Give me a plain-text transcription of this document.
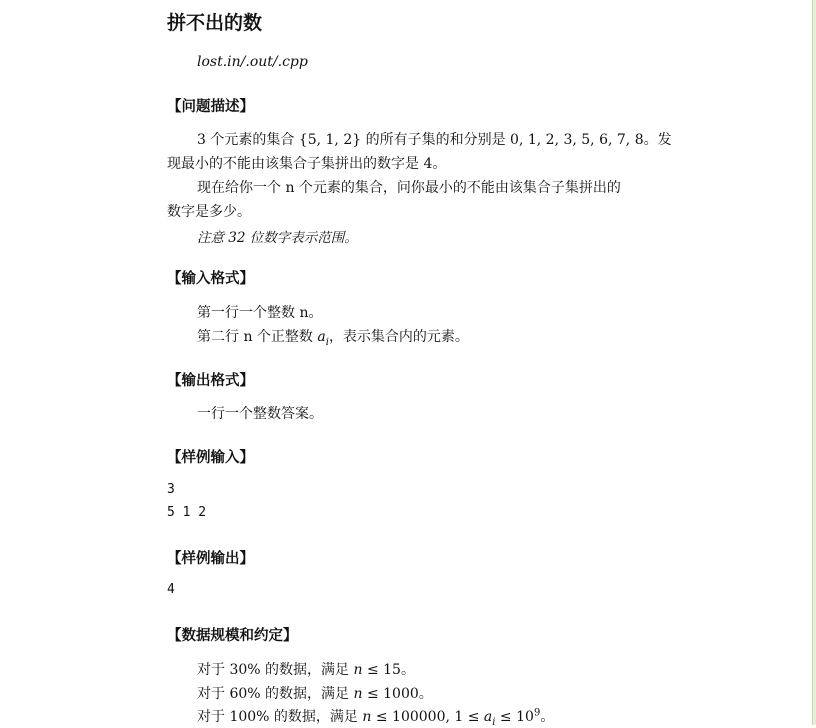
拼不出的数
lost.in/.out/.cpp
【问题描述】
3 个元素的集合 {5, 1, 2} 的所有子集的和分别是 0, 1, 2, 3, 5, 6, 7, 8。发
现最小的不能由该集合子集拼出的数字是 4。
现在给你一个 n 个元素的集合，问你最小的不能由该集合子集拼出的
数字是多少。
注意 32 位数字表示范围。
【输入格式】
第一行一个整数 n。
第二行 n 个正整数 $a_i$，表示集合内的元素。
【输出格式】
一行一个整数答案。
【样例输入】
3
5 1 2
【样例输出】
4
【数据规模和约定】
对于 30% 的数据，满足 n ≤ 15。
对于 60% 的数据，满足 n ≤ 1000。
对于 100% 的数据，满足 n ≤ 100000, $1 \le a_i \le 10^9$。
